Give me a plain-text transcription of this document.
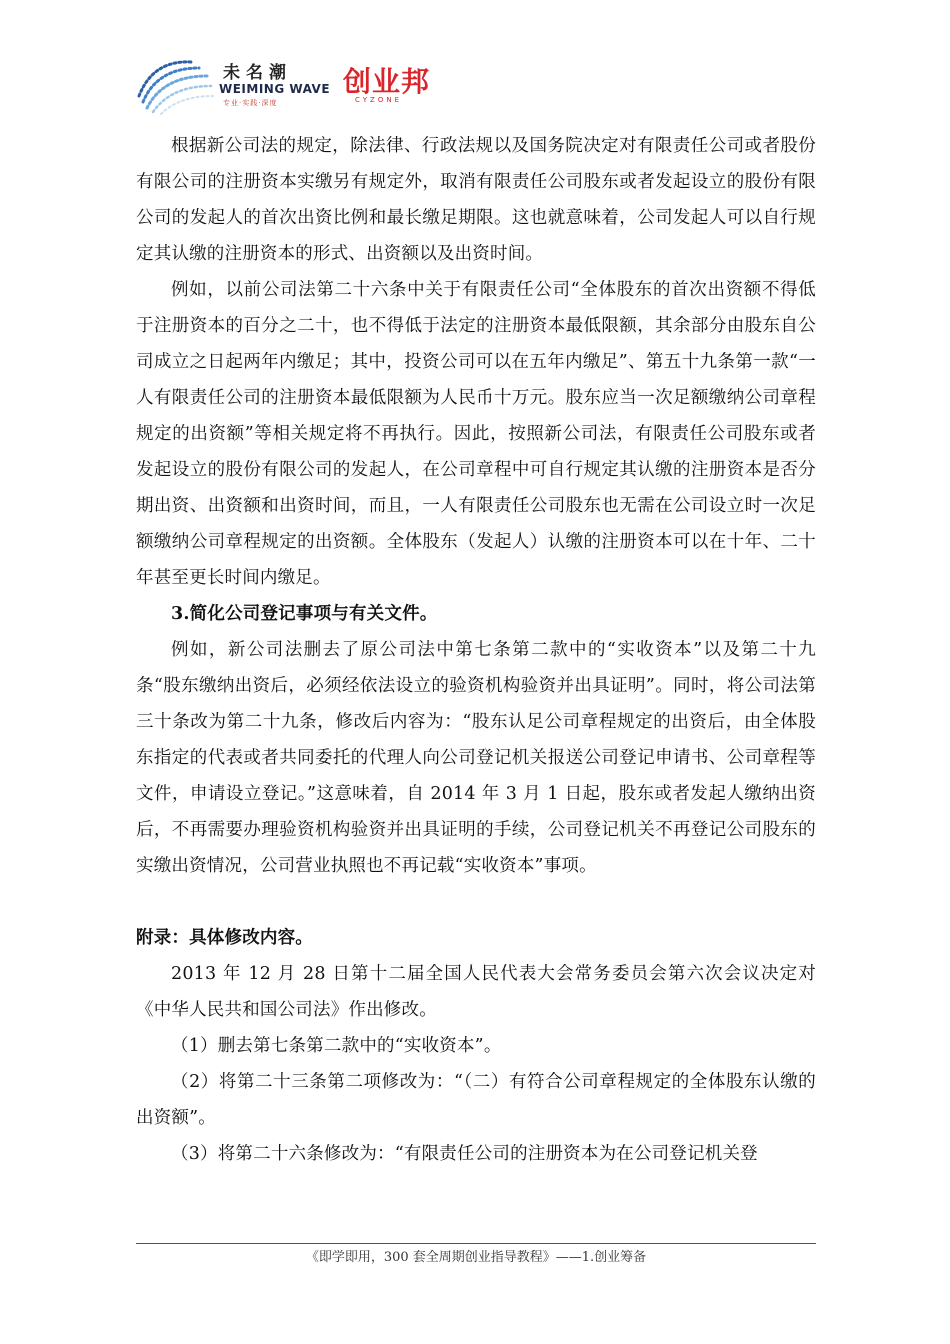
未名潮
WEIMING WAVE
专业·实践·深度
创业邦
CYZONE

根据新公司法的规定，除法律、行政法规以及国务院决定对有限责任公司或者股份有限公司的注册资本实缴另有规定外，取消有限责任公司股东或者发起设立的股份有限公司的发起人的首次出资比例和最长缴足期限。这也就意味着，公司发起人可以自行规定其认缴的注册资本的形式、出资额以及出资时间。

例如，以前公司法第二十六条中关于有限责任公司“全体股东的首次出资额不得低于注册资本的百分之二十，也不得低于法定的注册资本最低限额，其余部分由股东自公司成立之日起两年内缴足；其中，投资公司可以在五年内缴足”、第五十九条第一款“一人有限责任公司的注册资本最低限额为人民币十万元。股东应当一次足额缴纳公司章程规定的出资额”等相关规定将不再执行。因此，按照新公司法，有限责任公司股东或者发起设立的股份有限公司的发起人，在公司章程中可自行规定其认缴的注册资本是否分期出资、出资额和出资时间，而且，一人有限责任公司股东也无需在公司设立时一次足额缴纳公司章程规定的出资额。全体股东（发起人）认缴的注册资本可以在十年、二十年甚至更长时间内缴足。

3.简化公司登记事项与有关文件。

例如，新公司法删去了原公司法中第七条第二款中的“实收资本”以及第二十九条“股东缴纳出资后，必须经依法设立的验资机构验资并出具证明”。同时，将公司法第三十条改为第二十九条，修改后内容为：“股东认足公司章程规定的出资后，由全体股东指定的代表或者共同委托的代理人向公司登记机关报送公司登记申请书、公司章程等文件，申请设立登记。”这意味着，自 2014 年 3 月 1 日起，股东或者发起人缴纳出资后，不再需要办理验资机构验资并出具证明的手续，公司登记机关不再登记公司股东的实缴出资情况，公司营业执照也不再记载“实收资本”事项。

附录：具体修改内容。

2013 年 12 月 28 日第十二届全国人民代表大会常务委员会第六次会议决定对《中华人民共和国公司法》作出修改。

（1）删去第七条第二款中的“实收资本”。

（2）将第二十三条第二项修改为：“（二）有符合公司章程规定的全体股东认缴的出资额”。

（3）将第二十六条修改为：“有限责任公司的注册资本为在公司登记机关登

《即学即用，300 套全周期创业指导教程》——1.创业筹备
